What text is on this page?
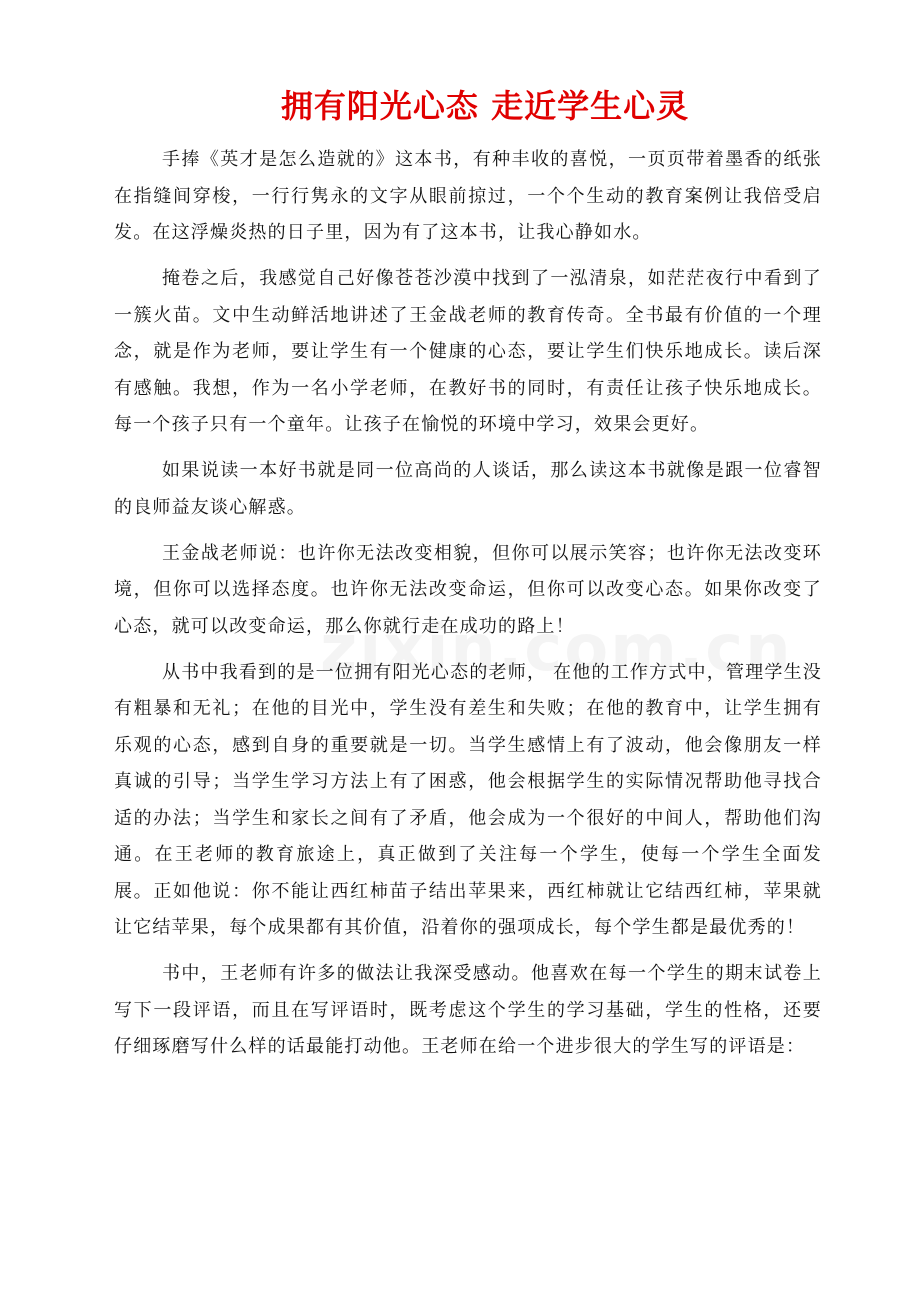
拥有阳光心态 走近学生心灵

手捧《英才是怎么造就的》这本书，有种丰收的喜悦，一页页带着墨香的纸张在指缝间穿梭，一行行隽永的文字从眼前掠过，一个个生动的教育案例让我倍受启发。在这浮燥炎热的日子里，因为有了这本书，让我心静如水。

掩卷之后，我感觉自己好像苍苍沙漠中找到了一泓清泉，如茫茫夜行中看到了一簇火苗。文中生动鲜活地讲述了王金战老师的教育传奇。全书最有价值的一个理念，就是作为老师，要让学生有一个健康的心态，要让学生们快乐地成长。读后深有感触。我想，作为一名小学老师，在教好书的同时，有责任让孩子快乐地成长。每一个孩子只有一个童年。让孩子在愉悦的环境中学习，效果会更好。

如果说读一本好书就是同一位高尚的人谈话，那么读这本书就像是跟一位睿智的良师益友谈心解惑。

王金战老师说：也许你无法改变相貌，但你可以展示笑容；也许你无法改变环境，但你可以选择态度。也许你无法改变命运，但你可以改变心态。如果你改变了心态，就可以改变命运，那么你就行走在成功的路上！

从书中我看到的是一位拥有阳光心态的老师， 在他的工作方式中，管理学生没有粗暴和无礼；在他的目光中，学生没有差生和失败；在他的教育中，让学生拥有乐观的心态，感到自身的重要就是一切。当学生感情上有了波动，他会像朋友一样真诚的引导；当学生学习方法上有了困惑，他会根据学生的实际情况帮助他寻找合适的办法；当学生和家长之间有了矛盾，他会成为一个很好的中间人，帮助他们沟通。在王老师的教育旅途上，真正做到了关注每一个学生，使每一个学生全面发展。正如他说：你不能让西红柿苗子结出苹果来，西红柿就让它结西红柿，苹果就让它结苹果，每个成果都有其价值，沿着你的强项成长，每个学生都是最优秀的！

书中，王老师有许多的做法让我深受感动。他喜欢在每一个学生的期末试卷上写下一段评语，而且在写评语时，既考虑这个学生的学习基础，学生的性格，还要仔细琢磨写什么样的话最能打动他。王老师在给一个进步很大的学生写的评语是：
